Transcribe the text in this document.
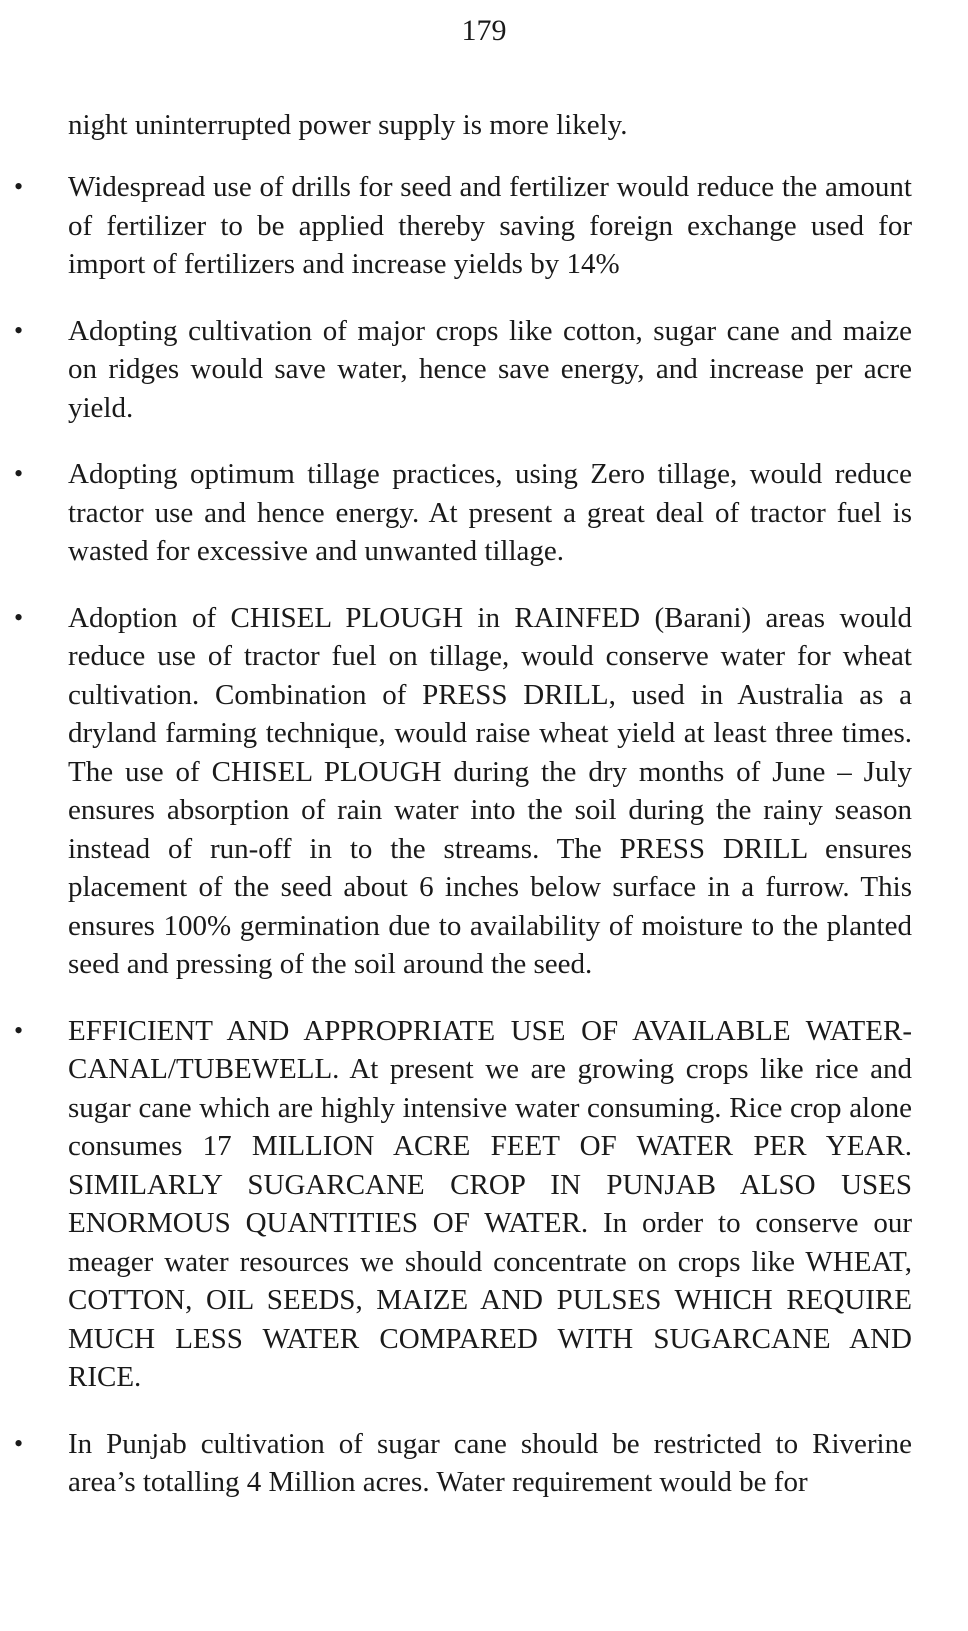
179

night uninterrupted power supply is more likely.

• Widespread use of drills for seed and fertilizer would reduce the amount of fertilizer to be applied thereby saving foreign exchange used for import of fertilizers and increase yields by 14%

• Adopting cultivation of major crops like cotton, sugar cane and maize on ridges would save water, hence save energy, and increase per acre yield.

• Adopting optimum tillage practices, using Zero tillage, would reduce tractor use and hence energy. At present a great deal of tractor fuel is wasted for excessive and unwanted tillage.

• Adoption of CHISEL PLOUGH in RAINFED (Barani) areas would reduce use of tractor fuel on tillage, would conserve water for wheat cultivation. Combination of PRESS DRILL, used in Australia as a dryland farming technique, would raise wheat yield at least three times. The use of CHISEL PLOUGH during the dry months of June – July ensures absorption of rain water into the soil during the rainy season instead of run-off in to the streams. The PRESS DRILL ensures placement of the seed about 6 inches below surface in a furrow. This ensures 100% germination due to availability of moisture to the planted seed and pressing of the soil around the seed.

• EFFICIENT AND APPROPRIATE USE OF AVAILABLE WATER-CANAL/TUBEWELL. At present we are growing crops like rice and sugar cane which are highly intensive water consuming. Rice crop alone consumes 17 MILLION ACRE FEET OF WATER PER YEAR. SIMILARLY SUGARCANE CROP IN PUNJAB ALSO USES ENORMOUS QUANTITIES OF WATER. In order to conserve our meager water resources we should concentrate on crops like WHEAT, COTTON, OIL SEEDS, MAIZE AND PULSES WHICH REQUIRE MUCH LESS WATER COMPARED WITH SUGARCANE AND RICE.

• In Punjab cultivation of sugar cane should be restricted to Riverine area’s totalling 4 Million acres. Water requirement would be for
